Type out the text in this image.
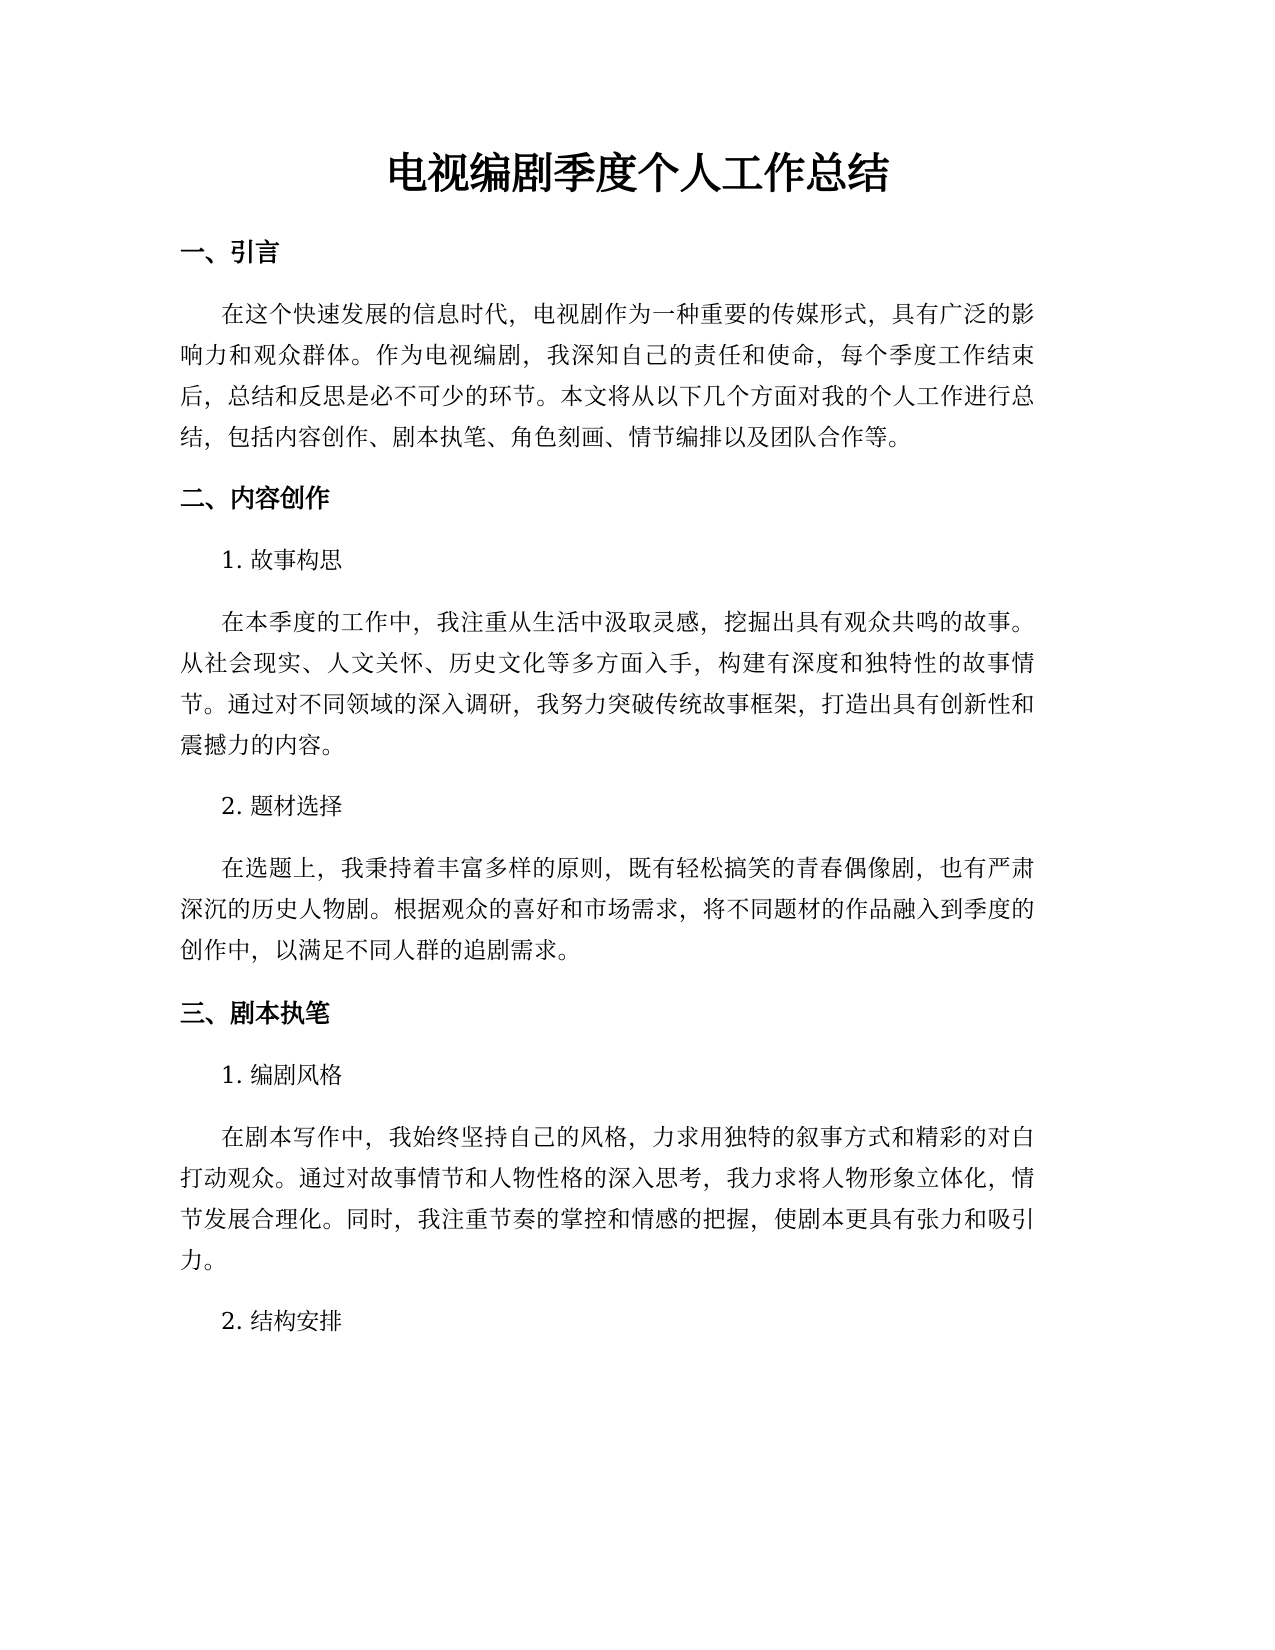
电视编剧季度个人工作总结
一、引言

在这个快速发展的信息时代，电视剧作为一种重要的传媒形式，具有广泛的影响力和观众群体。作为电视编剧，我深知自己的责任和使命，每个季度工作结束后，总结和反思是必不可少的环节。本文将从以下几个方面对我的个人工作进行总结，包括内容创作、剧本执笔、角色刻画、情节编排以及团队合作等。

二、内容创作

1. 故事构思

在本季度的工作中，我注重从生活中汲取灵感，挖掘出具有观众共鸣的故事。从社会现实、人文关怀、历史文化等多方面入手，构建有深度和独特性的故事情节。通过对不同领域的深入调研，我努力突破传统故事框架，打造出具有创新性和震撼力的内容。

2. 题材选择

在选题上，我秉持着丰富多样的原则，既有轻松搞笑的青春偶像剧，也有严肃深沉的历史人物剧。根据观众的喜好和市场需求，将不同题材的作品融入到季度的创作中，以满足不同人群的追剧需求。

三、剧本执笔

1. 编剧风格

在剧本写作中，我始终坚持自己的风格，力求用独特的叙事方式和精彩的对白打动观众。通过对故事情节和人物性格的深入思考，我力求将人物形象立体化，情节发展合理化。同时，我注重节奏的掌控和情感的把握，使剧本更具有张力和吸引力。

2. 结构安排
